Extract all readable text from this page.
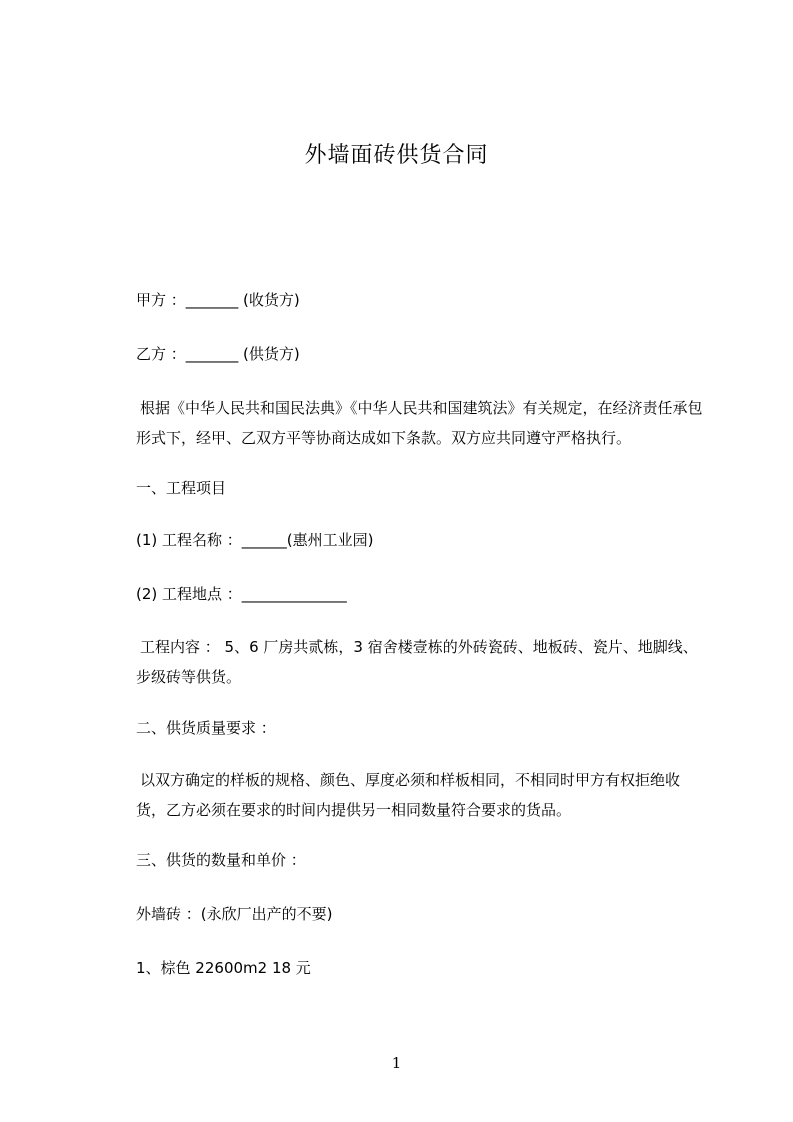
外墙面砖供货合同
甲方 ：_______ (收货方)
乙方 ：_______ (供货方)
根据《中华人民共和国民法典》《中华人民共和国建筑法》有关规定，在经济责任承包形式下，经甲、乙双方平等协商达成如下条款。双方应共同遵守严格执行。
一、工程项目
(1) 工程名称 ：______(惠州工业园)
(2) 工程地点 ：______________
工程内容 ： 5、6 厂房共贰栋，3 宿舍楼壹栋的外砖瓷砖、地板砖、瓷片、地脚线、步级砖等供货。
二、供货质量要求 ：
以双方确定的样板的规格、颜色、厚度必须和样板相同，不相同时甲方有权拒绝收货，乙方必须在要求的时间内提供另一相同数量符合要求的货品。
三、供货的数量和单价 ：
外墙砖 ：(永欣厂出产的不要)
1、棕色 22600m2 18 元
1
